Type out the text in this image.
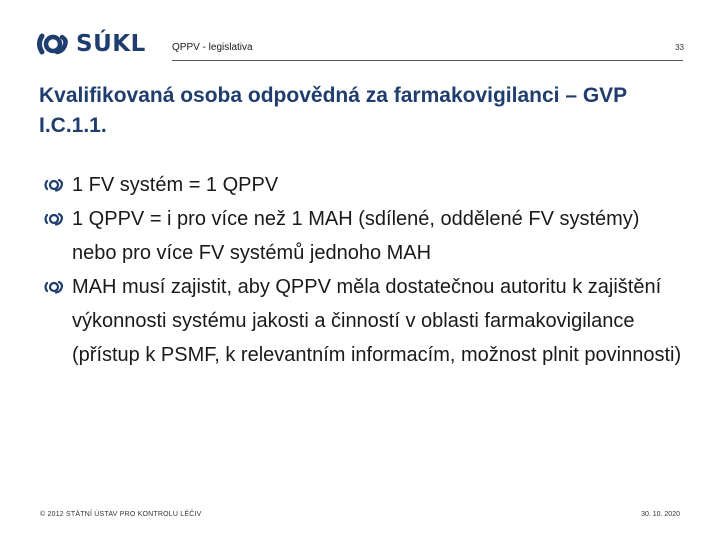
SÚKL	QPPV - legislativa	33
Kvalifikovaná osoba odpovědná za farmakovigilanci – GVP I.C.1.1.
1 FV systém = 1 QPPV
1 QPPV = i pro více než 1 MAH (sdílené, oddělené FV systémy) nebo pro více FV systémů jednoho MAH
MAH musí zajistit, aby QPPV měla dostatečnou autoritu k zajištění výkonnosti systému jakosti a činností v oblasti farmakovigilance (přístup k PSMF, k relevantním informacím, možnost plnit povinnosti)
© 2012 STÁTNÍ ÚSTAV PRO KONTROLU LÉČIV	30. 10. 2020
